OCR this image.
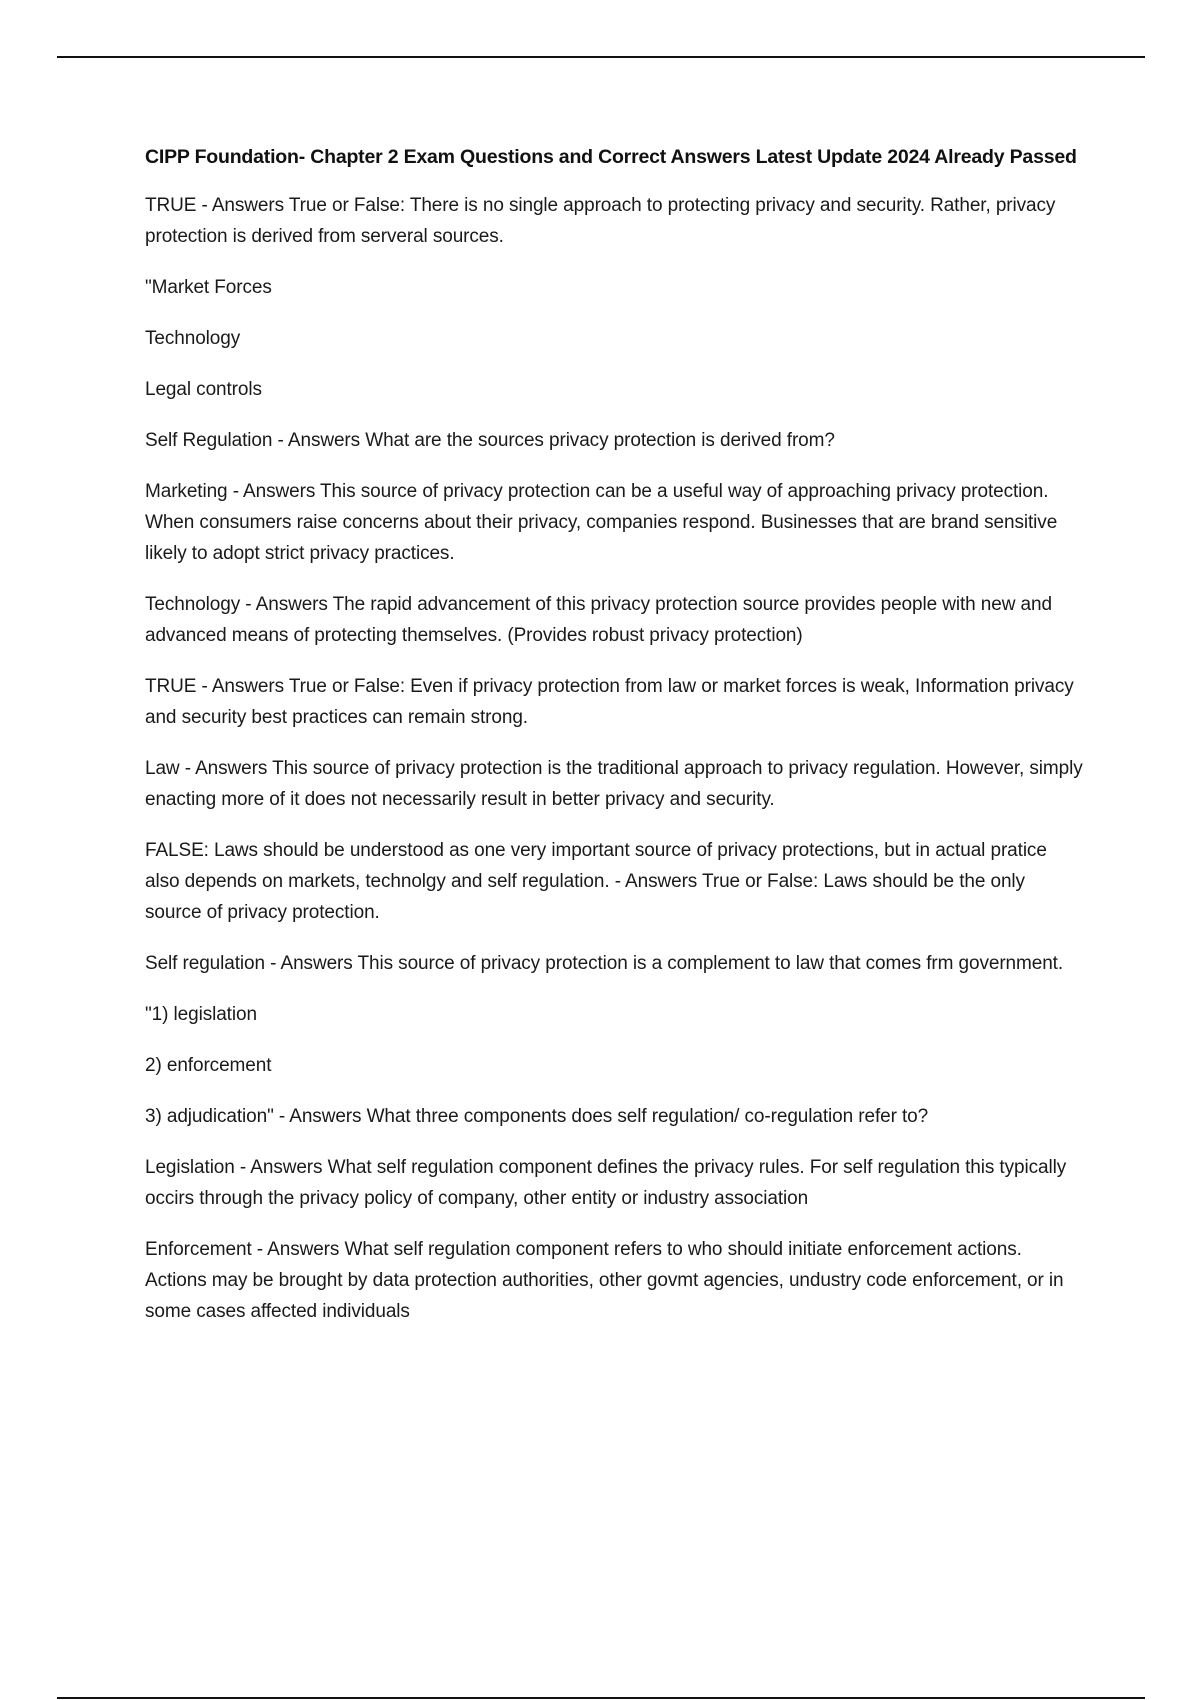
CIPP Foundation- Chapter 2 Exam Questions and Correct Answers Latest Update 2024 Already Passed

TRUE - Answers True or False: There is no single approach to protecting privacy and security. Rather, privacy protection is derived from serveral sources.

"Market Forces

Technology

Legal controls

Self Regulation - Answers What are the sources privacy protection is derived from?

Marketing - Answers This source of privacy protection can be a useful way of approaching privacy protection. When consumers raise concerns about their privacy, companies respond. Businesses that are brand sensitive likely to adopt strict privacy practices.

Technology - Answers The rapid advancement of this privacy protection source provides people with new and advanced means of protecting themselves. (Provides robust privacy protection)

TRUE - Answers True or False: Even if privacy protection from law or market forces is weak, Information privacy and security best practices can remain strong.

Law - Answers This source of privacy protection is the traditional approach to privacy regulation. However, simply enacting more of it does not necessarily result in better privacy and security.

FALSE: Laws should be understood as one very important source of privacy protections, but in actual pratice also depends on markets, technolgy and self regulation. - Answers True or False: Laws should be the only source of privacy protection.

Self regulation - Answers This source of privacy protection is a complement to law that comes frm government.

"1) legislation

2) enforcement

3) adjudication" - Answers What three components does self regulation/ co-regulation refer to?

Legislation - Answers What self regulation component defines the privacy rules. For self regulation this typically occirs through the privacy policy of company, other entity or industry association

Enforcement - Answers What self regulation component refers to who should initiate enforcement actions. Actions may be brought by data protection authorities, other govmt agencies, undustry code enforcement, or in some cases affected individuals
